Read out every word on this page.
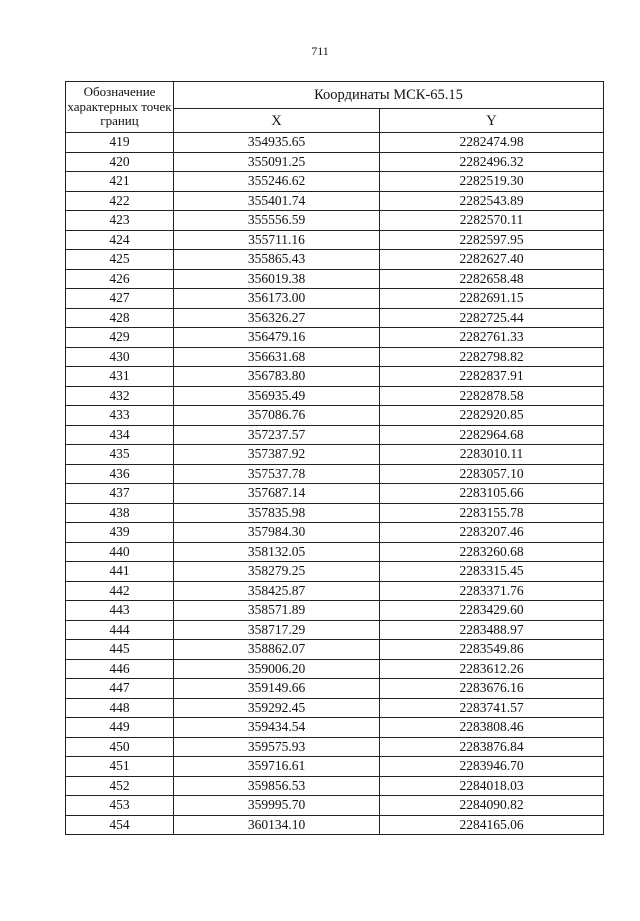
711
Обозначение характерных точек границ	Координаты МСК-65.15	
	X	Y
419	354935.65	2282474.98
420	355091.25	2282496.32
421	355246.62	2282519.30
422	355401.74	2282543.89
423	355556.59	2282570.11
424	355711.16	2282597.95
425	355865.43	2282627.40
426	356019.38	2282658.48
427	356173.00	2282691.15
428	356326.27	2282725.44
429	356479.16	2282761.33
430	356631.68	2282798.82
431	356783.80	2282837.91
432	356935.49	2282878.58
433	357086.76	2282920.85
434	357237.57	2282964.68
435	357387.92	2283010.11
436	357537.78	2283057.10
437	357687.14	2283105.66
438	357835.98	2283155.78
439	357984.30	2283207.46
440	358132.05	2283260.68
441	358279.25	2283315.45
442	358425.87	2283371.76
443	358571.89	2283429.60
444	358717.29	2283488.97
445	358862.07	2283549.86
446	359006.20	2283612.26
447	359149.66	2283676.16
448	359292.45	2283741.57
449	359434.54	2283808.46
450	359575.93	2283876.84
451	359716.61	2283946.70
452	359856.53	2284018.03
453	359995.70	2284090.82
454	360134.10	2284165.06
